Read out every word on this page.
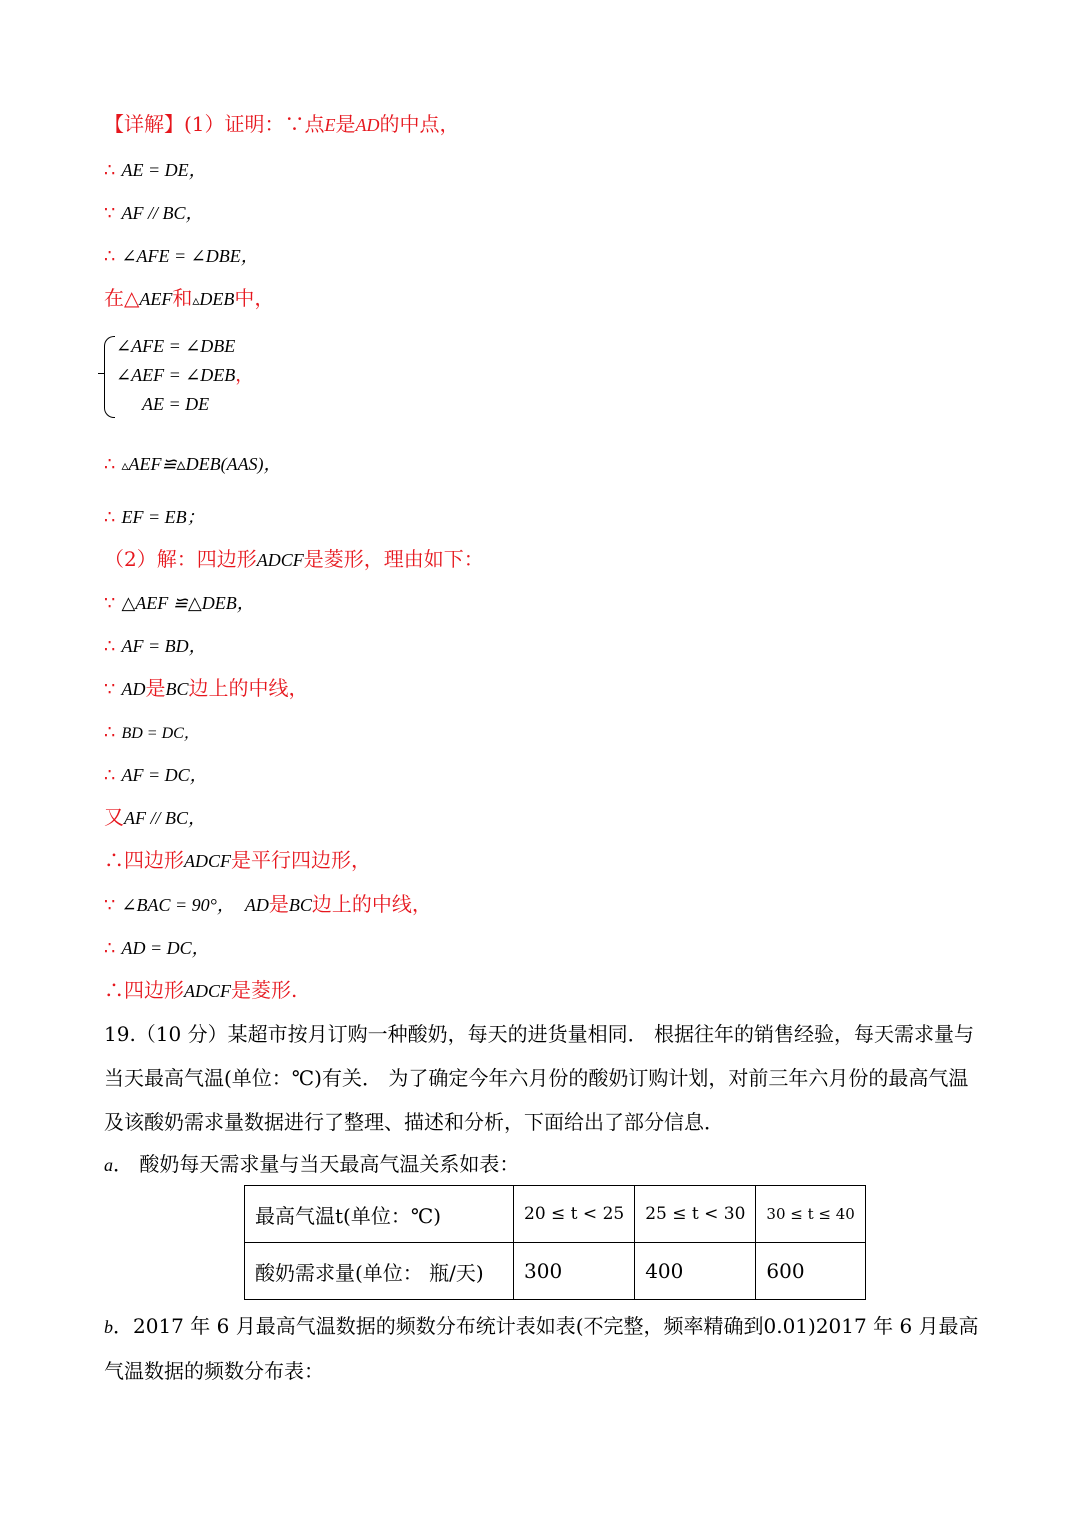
【详解】(1）证明：∵点E是AD的中点，
∴ AE = DE，
∵ AF // BC，
∴ ∠AFE = ∠DBE，
在△AEF和▵DEB中，
∠AFE = ∠DBE
∠AEF = ∠DEB，
AE = DE
∴ ▵AEF≌▵DEB(AAS)，
∴ EF = EB；
（2）解：四边形ADCF是菱形，理由如下：
∵ △AEF ≌△DEB，
∴ AF = BD，
∵ AD是BC边上的中线，
∴ BD = DC，
∴ AF = DC，
又AF // BC，
∴四边形ADCF是平行四边形，
∵ ∠BAC = 90°， AD是BC边上的中线，
∴ AD = DC，
∴四边形ADCF是菱形.
19.（10 分）某超市按月订购一种酸奶，每天的进货量相同． 根据往年的销售经验，每天需求量与当天最高气温(单位：℃)有关． 为了确定今年六月份的酸奶订购计划，对前三年六月份的最高气温及该酸奶需求量数据进行了整理、描述和分析，下面给出了部分信息．
a． 酸奶每天需求量与当天最高气温关系如表：
最高气温t(单位：℃)	20 ≤ t < 25	25 ≤ t < 30	30 ≤ t ≤ 40
酸奶需求量(单位： 瓶/天)	300	400	600
b．2017 年 6 月最高气温数据的频数分布统计表如表(不完整，频率精确到0.01)2017 年 6 月最高气温数据的频数分布表：
